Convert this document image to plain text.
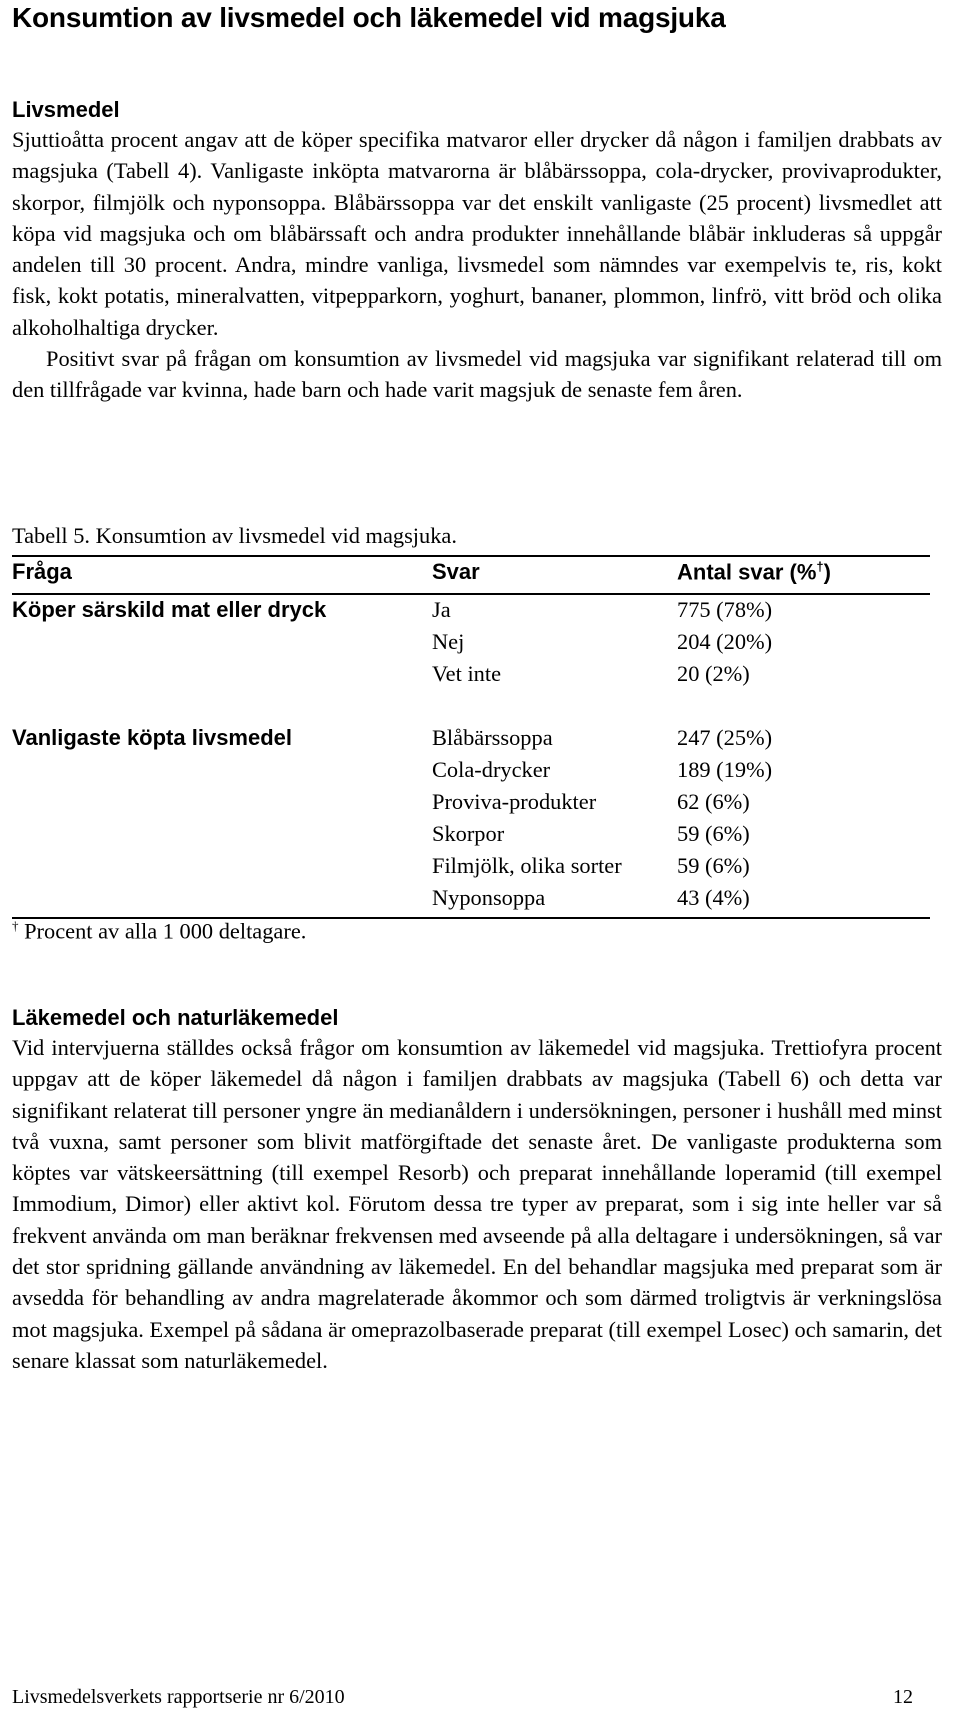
Konsumtion av livsmedel och läkemedel vid magsjuka
Livsmedel

Sjuttioåtta procent angav att de köper specifika matvaror eller drycker då någon i familjen drabbats av magsjuka (Tabell 4). Vanligaste inköpta matvarorna är blåbärssoppa, cola-drycker, provivaprodukter, skorpor, filmjölk och nyponsoppa. Blåbärssoppa var det enskilt vanligaste (25 procent) livsmedlet att köpa vid magsjuka och om blåbärssaft och andra produkter innehållande blåbär inkluderas så uppgår andelen till 30 procent. Andra, mindre vanliga, livsmedel som nämndes var exempelvis te, ris, kokt fisk, kokt potatis, mineralvatten, vitpepparkorn, yoghurt, bananer, plommon, linfrö, vitt bröd och olika alkoholhaltiga drycker.

Positivt svar på frågan om konsumtion av livsmedel vid magsjuka var signifikant relaterad till om den tillfrågade var kvinna, hade barn och hade varit magsjuk de senaste fem åren.

Tabell 5. Konsumtion av livsmedel vid magsjuka.
Fråga	Svar	Antal svar (%†)
Köper särskild mat eller dryck	Ja	775 (78%)
Nej	204 (20%)
Vet inte	20 (2%)
Vanligaste köpta livsmedel	Blåbärssoppa	247 (25%)
Cola-drycker	189 (19%)
Proviva-produkter	62 (6%)
Skorpor	59 (6%)
Filmjölk, olika sorter 59 (6%)
Nyponsoppa	43 (4%)
† Procent av alla 1 000 deltagare.
Läkemedel och naturläkemedel

Vid intervjuerna ställdes också frågor om konsumtion av läkemedel vid magsjuka. Trettiofyra procent uppgav att de köper läkemedel då någon i familjen drabbats av magsjuka (Tabell 6) och detta var signifikant relaterat till personer yngre än medianåldern i undersökningen, personer i hushåll med minst två vuxna, samt personer som blivit matförgiftade det senaste året. De vanligaste produkterna som köptes var vätskeersättning (till exempel Resorb) och preparat innehållande loperamid (till exempel Immodium, Dimor) eller aktivt kol. Förutom dessa tre typer av preparat, som i sig inte heller var så frekvent använda om man beräknar frekvensen med avseende på alla deltagare i undersökningen, så var det stor spridning gällande användning av läkemedel. En del behandlar magsjuka med preparat som är avsedda för behandling av andra magrelaterade åkommor och som därmed troligtvis är verkningslösa mot magsjuka. Exempel på sådana är omeprazolbaserade preparat (till exempel Losec) och samarin, det senare klassat som naturläkemedel.

Livsmedelsverkets rapportserie nr 6/2010	12
